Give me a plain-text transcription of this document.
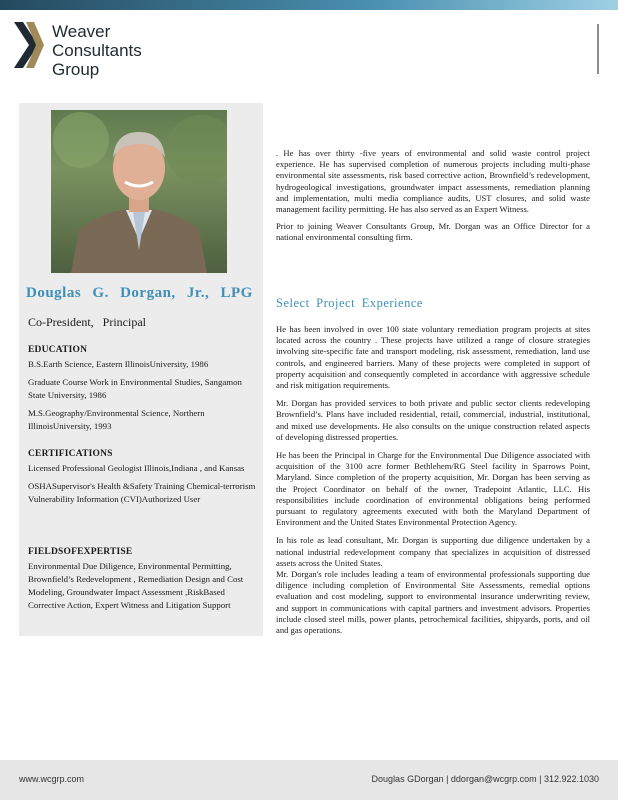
Weaver
Consultants
Group
Douglas G. Dorgan, Jr., LPG
Co-President, Principal
EDUCATION

B.S.Earth Science, Eastern IllinoisUniversity, 1986

Graduate Course Work in Environmental Studies, Sangamon State University, 1986

M.S.Geography/Environmental Science, Northern IllinoisUniversity, 1993

CERTIFICATIONS

Licensed Professional Geologist Illinois,Indiana , and Kansas

OSHASupervisor's Health &Safety Training Chemical-terrorism Vulnerability Information (CVI)Authorized User

FIELDSOFEXPERTISE
Environmental Due Diligence, Environmental Permitting, Brownfield’s Redevelopment , Remediation Design and Cost Modeling, Groundwater Impact Assessment ,RiskBased Corrective Action, Expert Witness and Litigation Support

. He has over thirty -five years of environmental and solid waste control project experience. He has supervised completion of numerous projects including multi-phase environmental site assessments, risk based corrective action, Brownfield’s redevelopment, hydrogeological investigations, groundwater impact assessments, remediation planning and implementation, multi media compliance audits, UST closures, and solid waste management facility permitting. He has also served as an Expert Witness.

Prior to joining Weaver Consultants Group, Mr. Dorgan was an Office Director for a national environmental consulting firm.

Select Project Experience

He has been involved in over 100 state voluntary remediation program projects at sites located across the country . These projects have utilized a range of closure strategies involving site-specific fate and transport modeling, risk assessment, remediation, land use controls, and engineered barriers. Many of these projects were completed in support of property acquisition and consequently completed in accordance with aggressive schedule and risk mitigation requirements.

Mr. Dorgan has provided services to both private and public sector clients redeveloping Brownfield’s. Plans have included residential, retail, commercial, industrial, institutional, and mixed use developments. He also consults on the unique construction related aspects of developing distressed properties.

He has been the Principal in Charge for the Environmental Due Diligence associated with acquisition of the 3100 acre former Bethlehem/RG Steel facility in Sparrows Point, Maryland. Since completion of the property acquisition, Mr. Dorgan has been serving as the Project Coordinator on behalf of the owner, Tradepoint Atlantic, LLC. His responsibilities include coordination of environmental obligations being performed pursuant to regulatory agreements executed with both the Maryland Department of Environment and the United States Environmental Protection Agency.

In his role as lead consultant, Mr. Dorgan is supporting due diligence undertaken by a national industrial redevelopment company that specializes in acquisition of distressed assets across the United States.

Mr. Dorgan's role includes leading a team of environmental professionals supporting due diligence including completion of Environmental Site Assessments, remedial options evaluation and cost modeling, support to environmental insurance underwriting review, and support in communications with capital partners and investment advisors. Properties include closed steel mills, power plants, petrochemical facilities, shipyards, ports, and oil and gas operations.

www.wcgrp.com	Douglas GDorgan | ddorgan@wcgrp.com | 312.922.1030
